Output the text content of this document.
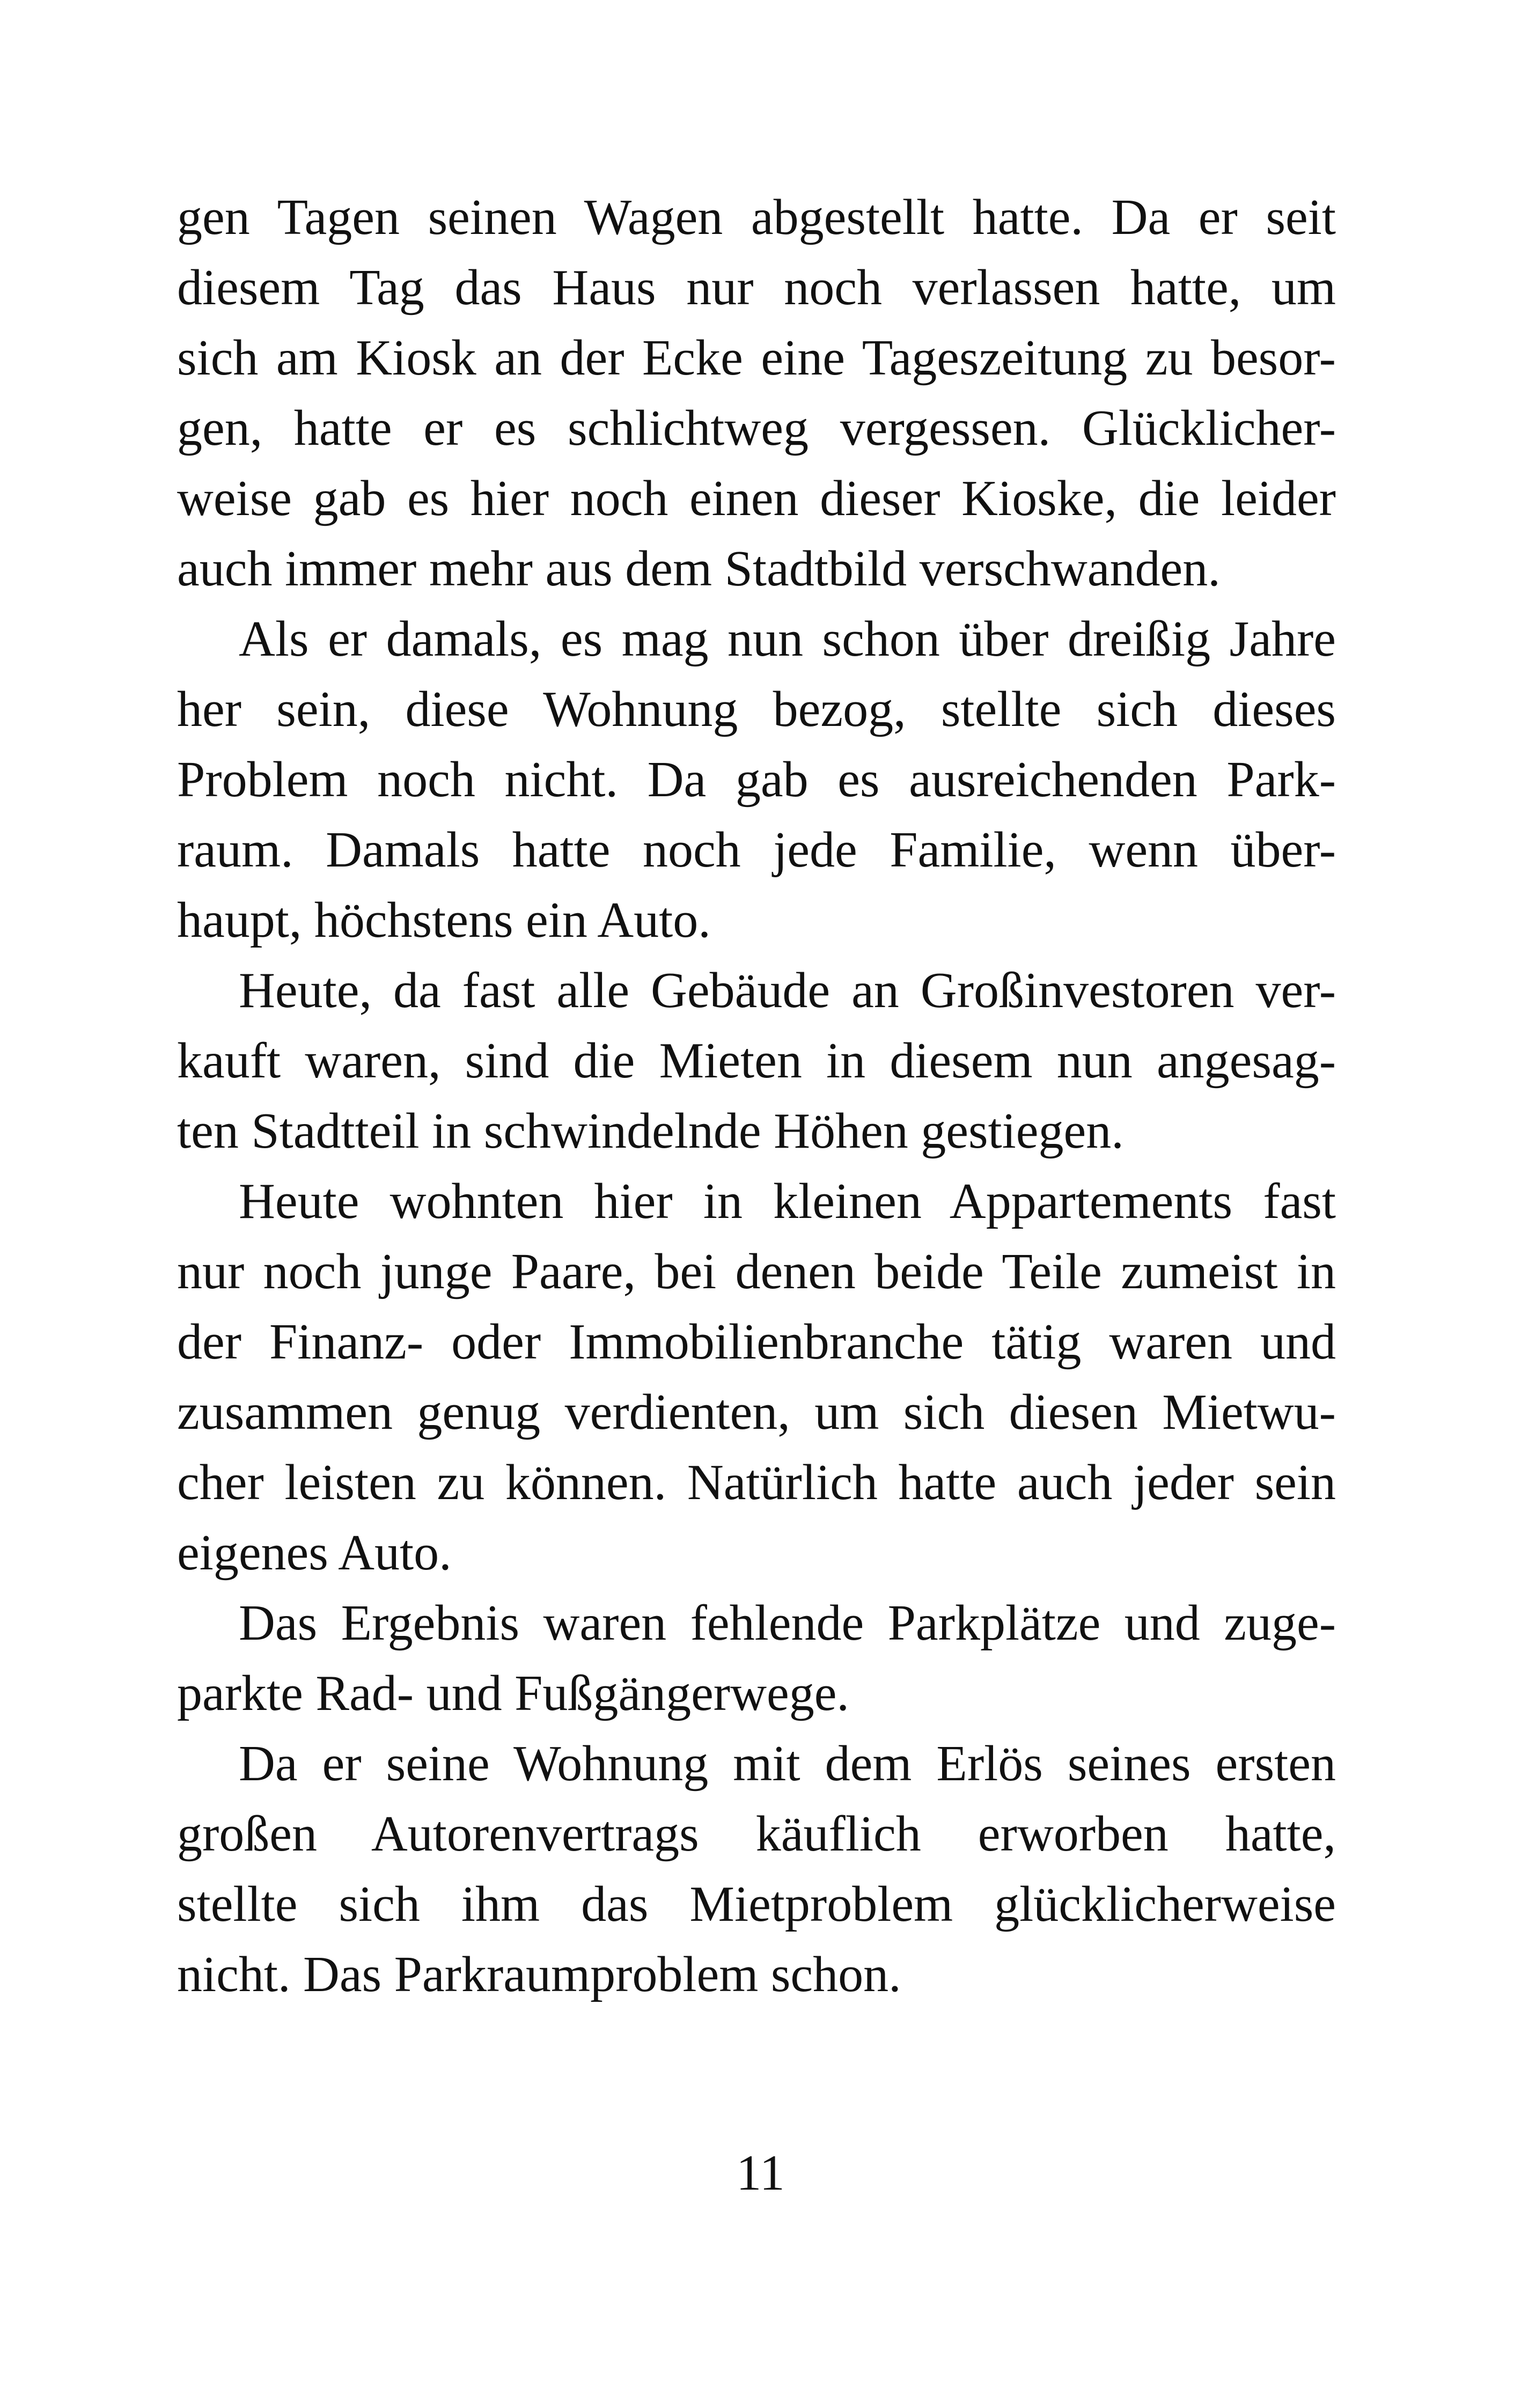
gen Tagen seinen Wagen abgestellt hatte. Da er seit
diesem Tag das Haus nur noch verlassen hatte, um
sich am Kiosk an der Ecke eine Tageszeitung zu besor-
gen, hatte er es schlichtweg vergessen. Glücklicher-
weise gab es hier noch einen dieser Kioske, die leider
auch immer mehr aus dem Stadtbild verschwanden.
Als er damals, es mag nun schon über dreißig Jahre
her sein, diese Wohnung bezog, stellte sich dieses
Problem noch nicht. Da gab es ausreichenden Park-
raum. Damals hatte noch jede Familie, wenn über-
haupt, höchstens ein Auto.
Heute, da fast alle Gebäude an Großinvestoren ver-
kauft waren, sind die Mieten in diesem nun angesag-
ten Stadtteil in schwindelnde Höhen gestiegen.
Heute wohnten hier in kleinen Appartements fast
nur noch junge Paare, bei denen beide Teile zumeist in
der Finanz- oder Immobilienbranche tätig waren und
zusammen genug verdienten, um sich diesen Mietwu-
cher leisten zu können. Natürlich hatte auch jeder sein
eigenes Auto.
Das Ergebnis waren fehlende Parkplätze und zuge-
parkte Rad- und Fußgängerwege.
Da er seine Wohnung mit dem Erlös seines ersten
großen Autorenvertrags käuflich erworben hatte,
stellte sich ihm das Mietproblem glücklicherweise
nicht. Das Parkraumproblem schon.
11
